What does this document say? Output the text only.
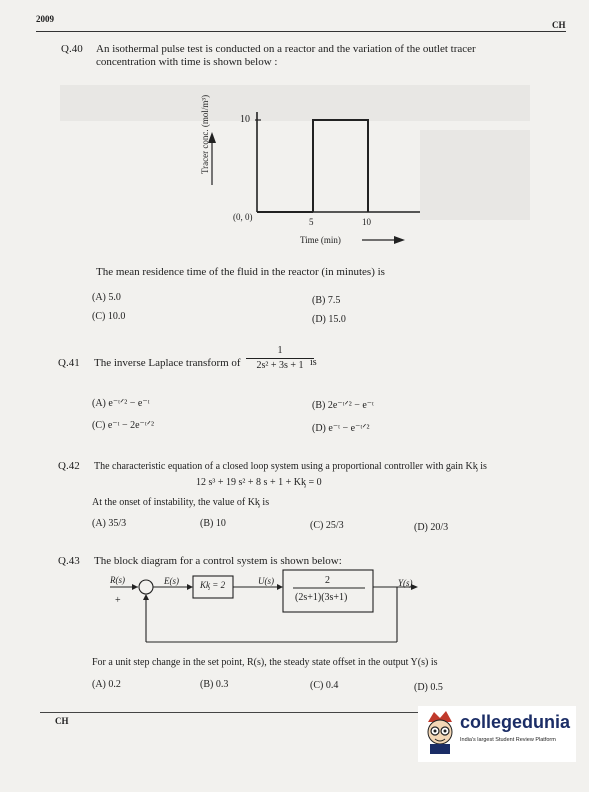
2009
CH
Q.40 An isothermal pulse test is conducted on a reactor and the variation of the outlet tracer
concentration with time is shown below :
Tracer conc. (mol/m³)	10
(0, 0)	5	10
Time (min)
The mean residence time of the fluid in the reactor (in minutes) is
(A) 5.0	(B) 7.5
(C) 10.0	(D) 15.0
Q.41 The inverse Laplace transform of
1
2s² + 3s + 1 is
(A) e⁻ᵗᐟ² − e⁻ᵗ	(B) 2e⁻ᵗᐟ² − e⁻ᵗ
(C) e⁻ᵗ − 2e⁻ᵗᐟ²	(D) e⁻ᵗ − e⁻ᵗᐟ²
Q.42 The characteristic equation of a closed loop system using a proportional controller with gain Kᶄ is
12 s³ + 19 s² + 8 s + 1 + Kᶄ = 0
At the onset of instability, the value of Kᶄ is
(A) 35/3	(B) 10	(C) 25/3	(D) 20/3
Q.43 The block diagram for a control system is shown below:
R(s)
+
E(s) Kᶄ = 2	U(s)	2
(2s+1)(3s+1)
Y(s)
For a unit step change in the set point, R(s), the steady state offset in the output Y(s) is
(A) 0.2	(B) 0.3	(C) 0.4	(D) 0.5
CH	collegedunia
India's largest Student Review Platform
